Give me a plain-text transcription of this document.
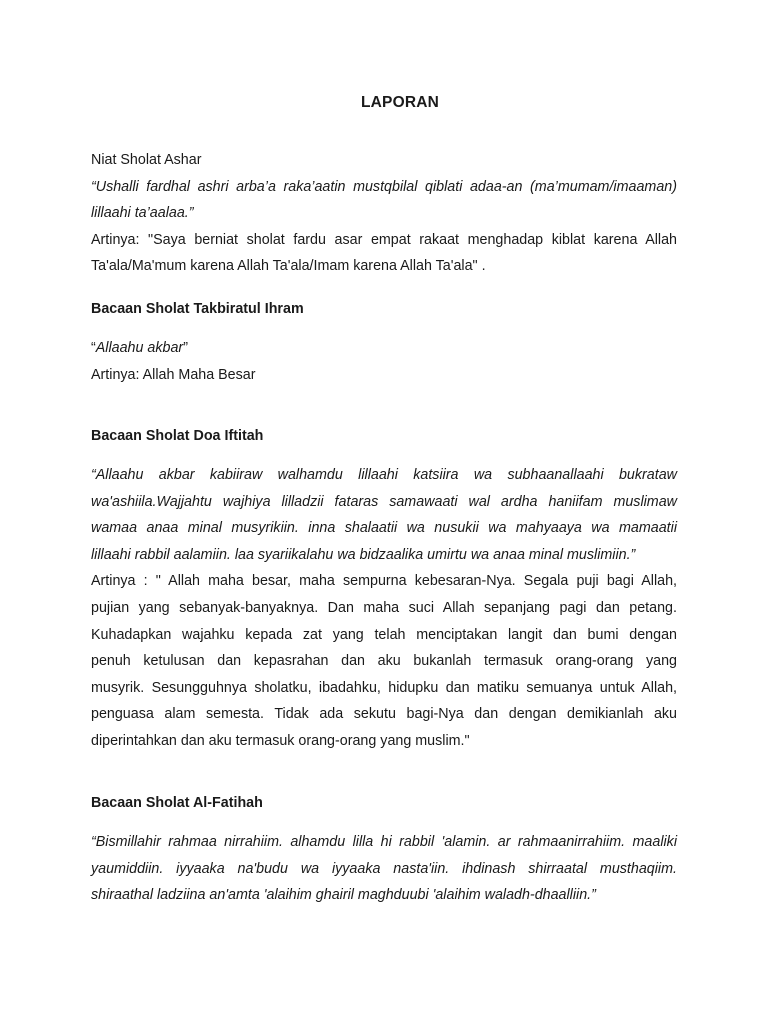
LAPORAN
Niat Sholat Ashar
“Ushalli fardhal ashri arba’a raka’aatin mustqbilal qiblati adaa-an (ma’mumam/imaaman)
lillaahi ta’aalaa.”
Artinya: "Saya berniat sholat fardu asar empat rakaat menghadap kiblat karena Allah
Ta'ala/Ma'mum karena Allah Ta'ala/Imam karena Allah Ta'ala" .
Bacaan Sholat Takbiratul Ihram
“Allaahu akbar”
Artinya: Allah Maha Besar
Bacaan Sholat Doa Iftitah
“Allaahu akbar kabiiraw walhamdu lillaahi katsiira wa subhaanallaahi bukrataw
wa'ashiila.Wajjahtu wajhiya lilladzii fataras samawaati wal ardha haniifam muslimaw
wamaa anaa minal musyrikiin. inna shalaatii wa nusukii wa mahyaaya wa mamaatii
lillaahi rabbil aalamiin. laa syariikalahu wa bidzaalika umirtu wa anaa minal muslimiin.”
Artinya : " Allah maha besar, maha sempurna kebesaran-Nya. Segala puji bagi Allah,
pujian yang sebanyak-banyaknya. Dan maha suci Allah sepanjang pagi dan petang.
Kuhadapkan wajahku kepada zat yang telah menciptakan langit dan bumi dengan
penuh ketulusan dan kepasrahan dan aku bukanlah termasuk orang-orang yang
musyrik. Sesungguhnya sholatku, ibadahku, hidupku dan matiku semuanya untuk Allah,
penguasa alam semesta. Tidak ada sekutu bagi-Nya dan dengan demikianlah aku
diperintahkan dan aku termasuk orang-orang yang muslim."
Bacaan Sholat Al-Fatihah
“Bismillahir rahmaa nirrahiim. alhamdu lilla hi rabbil 'alamin. ar rahmaanirrahiim. maaliki
yaumiddiin. iyyaaka na'budu wa iyyaaka nasta'iin. ihdinash shirraatal musthaqiim.
shiraathal ladziina an'amta 'alaihim ghairil maghduubi 'alaihim waladh-dhaalliin.”
